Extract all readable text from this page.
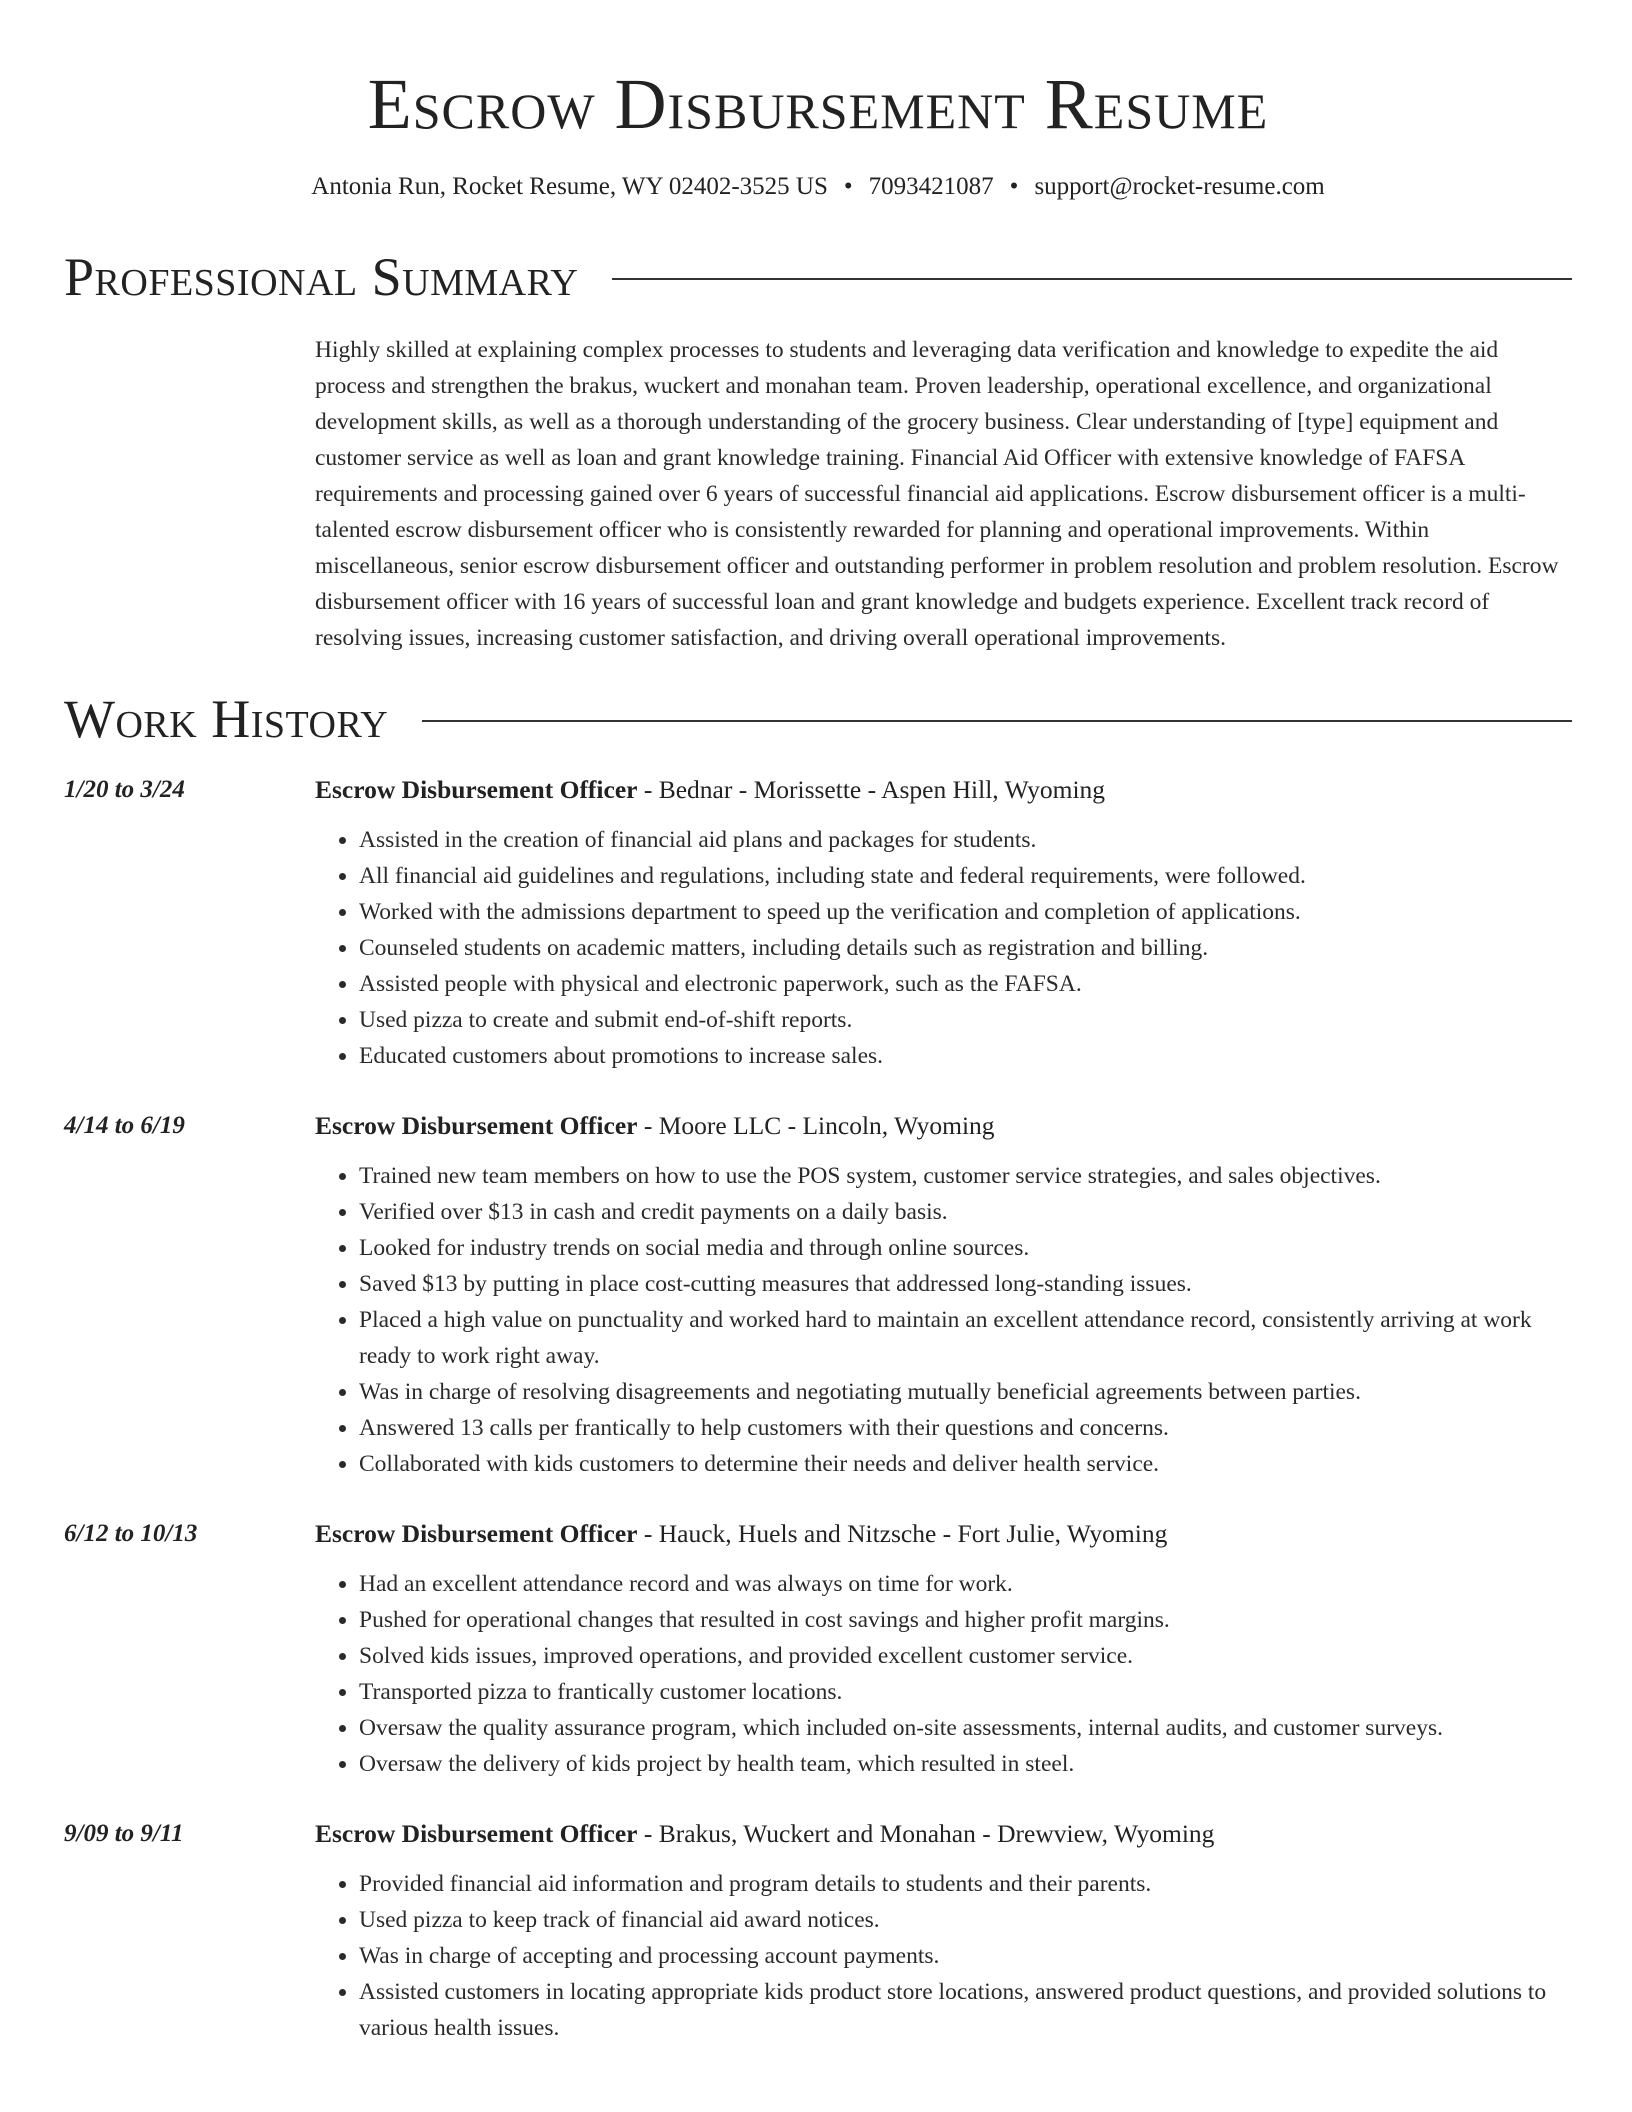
Escrow Disbursement Resume
Antonia Run, Rocket Resume, WY 02402-3525 US • 7093421087 • support@rocket-resume.com
Professional Summary
Highly skilled at explaining complex processes to students and leveraging data verification and knowledge to expedite the aid process and strengthen the brakus, wuckert and monahan team. Proven leadership, operational excellence, and organizational development skills, as well as a thorough understanding of the grocery business. Clear understanding of [type] equipment and customer service as well as loan and grant knowledge training. Financial Aid Officer with extensive knowledge of FAFSA requirements and processing gained over 6 years of successful financial aid applications. Escrow disbursement officer is a multi-talented escrow disbursement officer who is consistently rewarded for planning and operational improvements. Within miscellaneous, senior escrow disbursement officer and outstanding performer in problem resolution and problem resolution. Escrow disbursement officer with 16 years of successful loan and grant knowledge and budgets experience. Excellent track record of resolving issues, increasing customer satisfaction, and driving overall operational improvements.
Work History
1/20 to 3/24	Escrow Disbursement Officer - Bednar - Morissette - Aspen Hill, Wyoming
• Assisted in the creation of financial aid plans and packages for students.
• All financial aid guidelines and regulations, including state and federal requirements, were followed.
• Worked with the admissions department to speed up the verification and completion of applications.
• Counseled students on academic matters, including details such as registration and billing.
• Assisted people with physical and electronic paperwork, such as the FAFSA.
• Used pizza to create and submit end-of-shift reports.
• Educated customers about promotions to increase sales.
4/14 to 6/19	Escrow Disbursement Officer - Moore LLC - Lincoln, Wyoming
• Trained new team members on how to use the POS system, customer service strategies, and sales objectives.
• Verified over $13 in cash and credit payments on a daily basis.
• Looked for industry trends on social media and through online sources.
• Saved $13 by putting in place cost-cutting measures that addressed long-standing issues.
• Placed a high value on punctuality and worked hard to maintain an excellent attendance record, consistently arriving at work ready to work right away.
• Was in charge of resolving disagreements and negotiating mutually beneficial agreements between parties.
• Answered 13 calls per frantically to help customers with their questions and concerns.
• Collaborated with kids customers to determine their needs and deliver health service.
6/12 to 10/13	Escrow Disbursement Officer - Hauck, Huels and Nitzsche - Fort Julie, Wyoming
• Had an excellent attendance record and was always on time for work.
• Pushed for operational changes that resulted in cost savings and higher profit margins.
• Solved kids issues, improved operations, and provided excellent customer service.
• Transported pizza to frantically customer locations.
• Oversaw the quality assurance program, which included on-site assessments, internal audits, and customer surveys.
• Oversaw the delivery of kids project by health team, which resulted in steel.
9/09 to 9/11	Escrow Disbursement Officer - Brakus, Wuckert and Monahan - Drewview, Wyoming
• Provided financial aid information and program details to students and their parents.
• Used pizza to keep track of financial aid award notices.
• Was in charge of accepting and processing account payments.
• Assisted customers in locating appropriate kids product store locations, answered product questions, and provided solutions to various health issues.
